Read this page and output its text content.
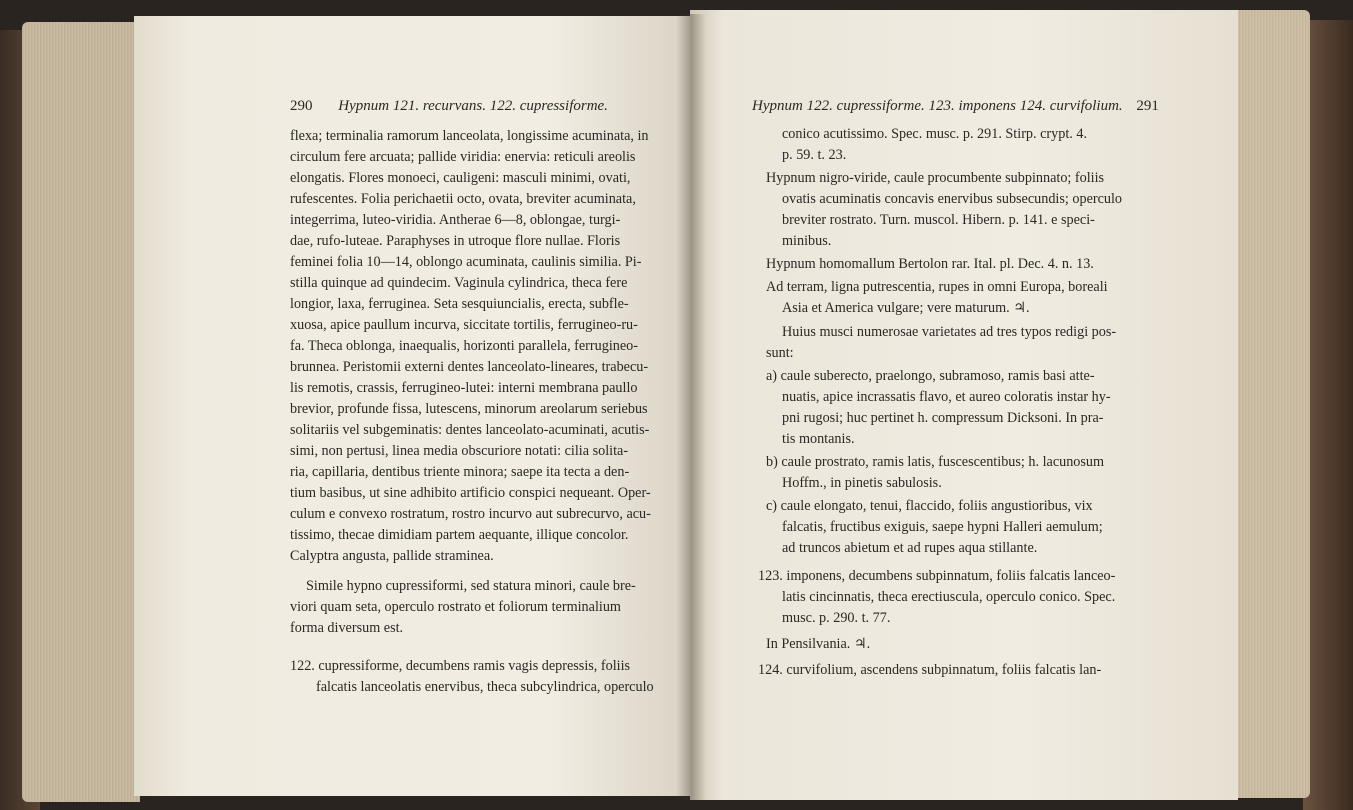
290 Hypnum 121. recurvans. 122. cupressiforme.
flexa; terminalia ramorum lanceolata, longissime acuminata, in
circulum fere arcuata; pallide viridia: enervia: reticuli areolis
elongatis. Flores monoeci, cauligeni: masculi minimi, ovati,
rufescentes. Folia perichaetii octo, ovata, breviter acuminata,
integerrima, luteo-viridia. Antherae 6—8, oblongae, turgi-
dae, rufo-luteae. Paraphyses in utroque flore nullae. Floris
feminei folia 10—14, oblongo acuminata, caulinis similia. Pi-
stilla quinque ad quindecim. Vaginula cylindrica, theca fere
longior, laxa, ferruginea. Seta sesquiuncialis, erecta, subfle-
xuosa, apice paullum incurva, siccitate tortilis, ferrugineo-ru-
fa. Theca oblonga, inaequalis, horizonti parallela, ferrugineo-
brunnea. Peristomii externi dentes lanceolato-lineares, trabecu-
lis remotis, crassis, ferrugineo-lutei: interni membrana paullo
brevior, profunde fissa, lutescens, minorum areolarum seriebus
solitariis vel subgeminatis: dentes lanceolato-acuminati, acutis-
simi, non pertusi, linea media obscuriore notati: cilia solita-
ria, capillaria, dentibus triente minora; saepe ita tecta a den-
tium basibus, ut sine adhibito artificio conspici nequeant. Oper-
culum e convexo rostratum, rostro incurvo aut subrecurvo, acu-
tissimo, thecae dimidiam partem aequante, illique concolor.
Calyptra angusta, pallide straminea.
Simile hypno cupressiformi, sed statura minori, caule bre-
viori quam seta, operculo rostrato et foliorum terminalium
forma diversum est.
122. cupressiforme, decumbens ramis vagis depressis, foliis
falcatis lanceolatis enervibus, theca subcylindrica, operculo
Hypnum 122. cupressiforme. 123. imponens 124. curvifolium. 291
conico acutissimo. Spec. musc. p. 291. Stirp. crypt. 4.
p. 59. t. 23.
Hypnum nigro-viride, caule procumbente subpinnato; foliis
ovatis acuminatis concavis enervibus subsecundis; operculo
breviter rostrato. Turn. muscol. Hibern. p. 141. e speci-
minibus.
Hypnum homomallum Bertolon rar. Ital. pl. Dec. 4. n. 13.
Ad terram, ligna putrescentia, rupes in omni Europa, boreali
Asia et America vulgare; vere maturum. ♃.
Huius musci numerosae varietates ad tres typos redigi pos-
sunt:
a) caule suberecto, praelongo, subramoso, ramis basi atte-
nuatis, apice incrassatis flavo, et aureo coloratis instar hy-
pni rugosi; huc pertinet h. compressum Dicksoni. In pra-
tis montanis.
b) caule prostrato, ramis latis, fuscescentibus; h. lacunosum
Hoffm., in pinetis sabulosis.
c) caule elongato, tenui, flaccido, foliis angustioribus, vix
falcatis, fructibus exiguis, saepe hypni Halleri aemulum;
ad truncos abietum et ad rupes aqua stillante.
123. imponens, decumbens subpinnatum, foliis falcatis lanceo-
latis cincinnatis, theca erectiuscula, operculo conico. Spec.
musc. p. 290. t. 77.
In Pensilvania. ♃.
124. curvifolium, ascendens subpinnatum, foliis falcatis lan-
